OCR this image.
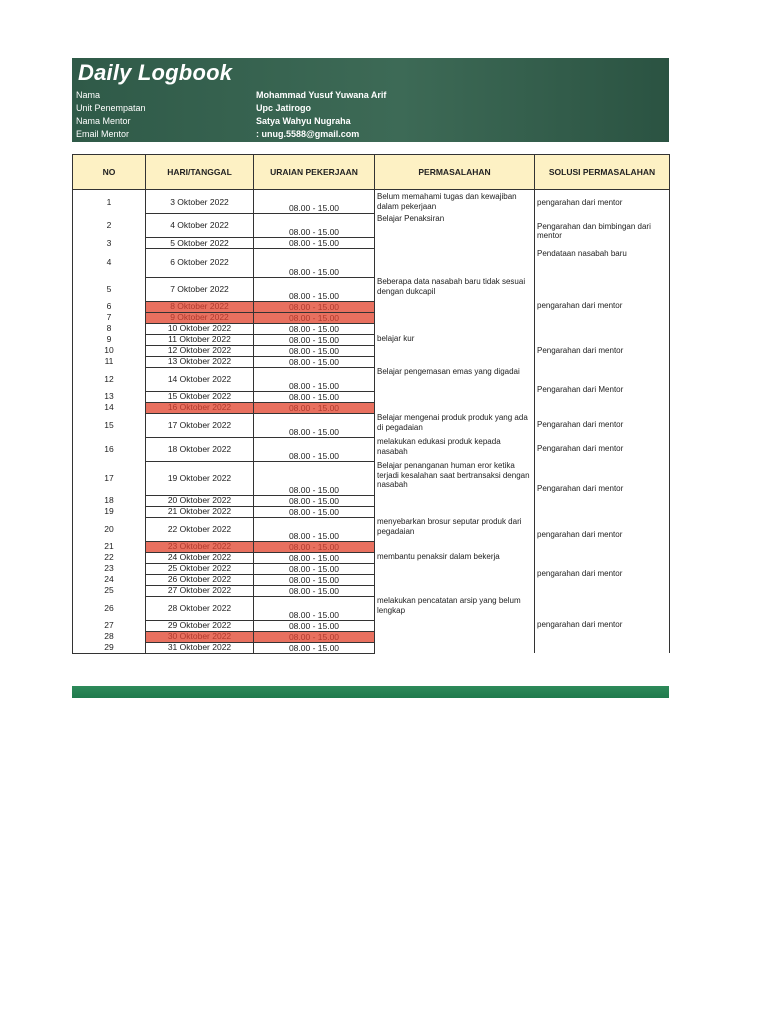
Daily Logbook
Nama	Mohammad Yusuf Yuwana Arif
Unit Penempatan	Upc Jatirogo
Nama Mentor	Satya Wahyu Nugraha
Email Mentor	: unug.5588@gmail.com
NO	HARI/TANGGAL	URAIAN PEKERJAAN	PERMASALAHAN	SOLUSI PERMASALAHAN	
1	3 Oktober 2022	08.00 - 15.00	Belum memahami tugas dan kewajiban dalam pekerjaan	pengarahan dari mentor	
2	4 Oktober 2022	08.00 - 15.00	Belajar Penaksiran	Pengarahan dan bimbingan dari mentor	
3	5 Oktober 2022	08.00 - 15.00			
4	6 Oktober 2022	08.00 - 15.00		Pendataan nasabah baru	
5	7 Oktober 2022	08.00 - 15.00	Beberapa data nasabah baru tidak sesuai dengan dukcapil	pengarahan dari mentor	
6	8 Oktober 2022	08.00 - 15.00			
7	9 Oktober 2022	08.00 - 15.00			
8	10 Oktober 2022	08.00 - 15.00			
9	11 Oktober 2022	08.00 - 15.00	belajar kur	Pengarahan dari mentor	
10	12 Oktober 2022	08.00 - 15.00			
11	13 Oktober 2022	08.00 - 15.00			
12	14 Oktober 2022	08.00 - 15.00	Belajar pengemasan emas yang digadai	Pengarahan dari Mentor	
13	15 Oktober 2022	08.00 - 15.00			
14	16 Oktober 2022	08.00 - 15.00			
15	17 Oktober 2022	08.00 - 15.00	Belajar mengenai produk produk yang ada di pegadaian	Pengarahan dari mentor	
16	18 Oktober 2022	08.00 - 15.00	melakukan edukasi produk kepada nasabah	Pengarahan dari mentor	
17	19 Oktober 2022	08.00 - 15.00	Belajar penanganan human eror ketika terjadi kesalahan saat bertransaksi dengan nasabah	Pengarahan dari mentor	
18	20 Oktober 2022	08.00 - 15.00			
19	21 Oktober 2022	08.00 - 15.00			
20	22 Oktober 2022	08.00 - 15.00	menyebarkan brosur seputar produk dari pegadaian	pengarahan dari mentor	
21	23 Oktober 2022	08.00 - 15.00			
22	24 Oktober 2022	08.00 - 15.00	membantu penaksir dalam bekerja	pengarahan dari mentor	
23	25 Oktober 2022	08.00 - 15.00			
24	26 Oktober 2022	08.00 - 15.00			
25	27 Oktober 2022	08.00 - 15.00			
26	28 Oktober 2022	08.00 - 15.00	melakukan pencatatan arsip yang belum lengkap	pengarahan dari mentor	
27	29 Oktober 2022	08.00 - 15.00			
28	30 Oktober 2022	08.00 - 15.00			
29	31 Oktober 2022	08.00 - 15.00			
